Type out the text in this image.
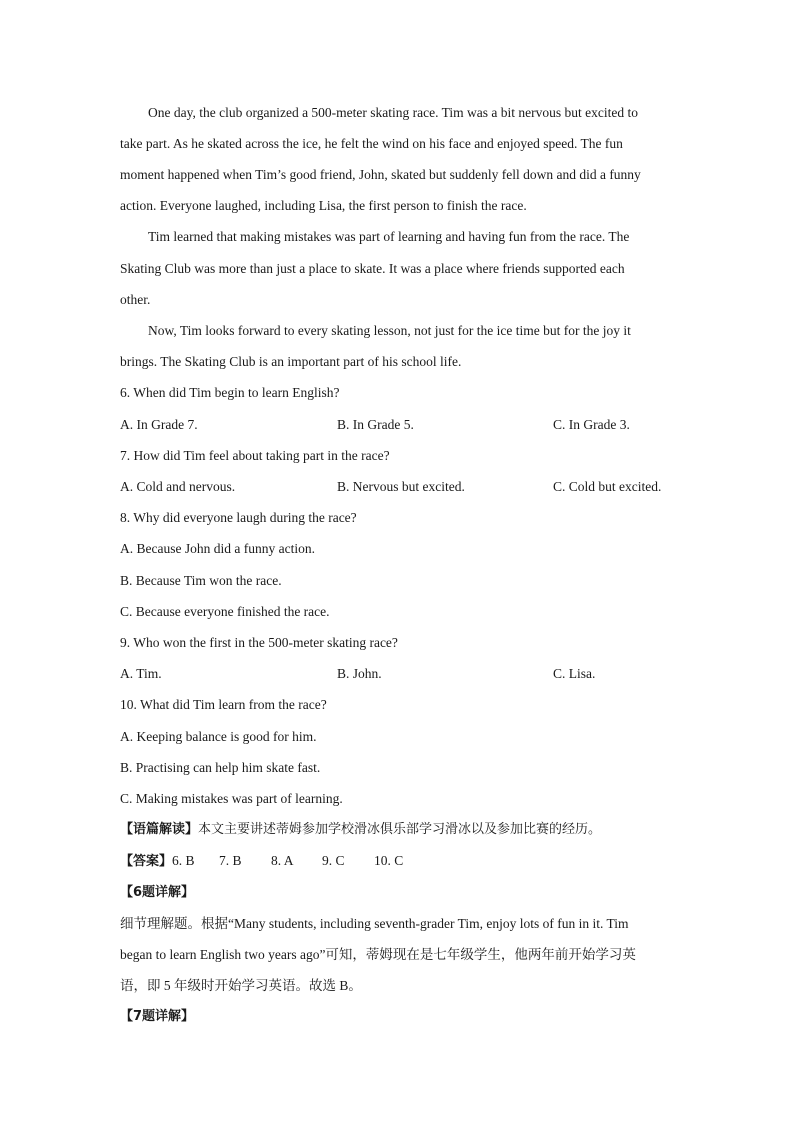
One day, the club organized a 500-meter skating race. Tim was a bit nervous but excited to
take part. As he skated across the ice, he felt the wind on his face and enjoyed speed. The fun
moment happened when Tim’s good friend, John, skated but suddenly fell down and did a funny
action. Everyone laughed, including Lisa, the first person to finish the race.
Tim learned that making mistakes was part of learning and having fun from the race. The
Skating Club was more than just a place to skate. It was a place where friends supported each
other.
Now, Tim looks forward to every skating lesson, not just for the ice time but for the joy it
brings. The Skating Club is an important part of his school life.
6. When did Tim begin to learn English?
A. In Grade 7.	B. In Grade 5.	C. In Grade 3.
7. How did Tim feel about taking part in the race?
A. Cold and nervous.	B. Nervous but excited.	C. Cold but excited.
8. Why did everyone laugh during the race?
A. Because John did a funny action.
B. Because Tim won the race.
C. Because everyone finished the race.
9. Who won the first in the 500-meter skating race?
A. Tim.	B. John.	C. Lisa.
10. What did Tim learn from the race?
A. Keeping balance is good for him.
B. Practising can help him skate fast.
C. Making mistakes was part of learning.
【语篇解读】本文主要讲述蒂姆参加学校滑冰俱乐部学习滑冰以及参加比赛的经历。
【答案】6. B 7. B 8. A 9. C 10. C
【6题详解】
细节理解题。根据“Many students, including seventh-grader Tim, enjoy lots of fun in it. Tim
began to learn English two years ago”可知，蒂姆现在是七年级学生，他两年前开始学习英
语，即 5 年级时开始学习英语。故选 B。
【7题详解】
